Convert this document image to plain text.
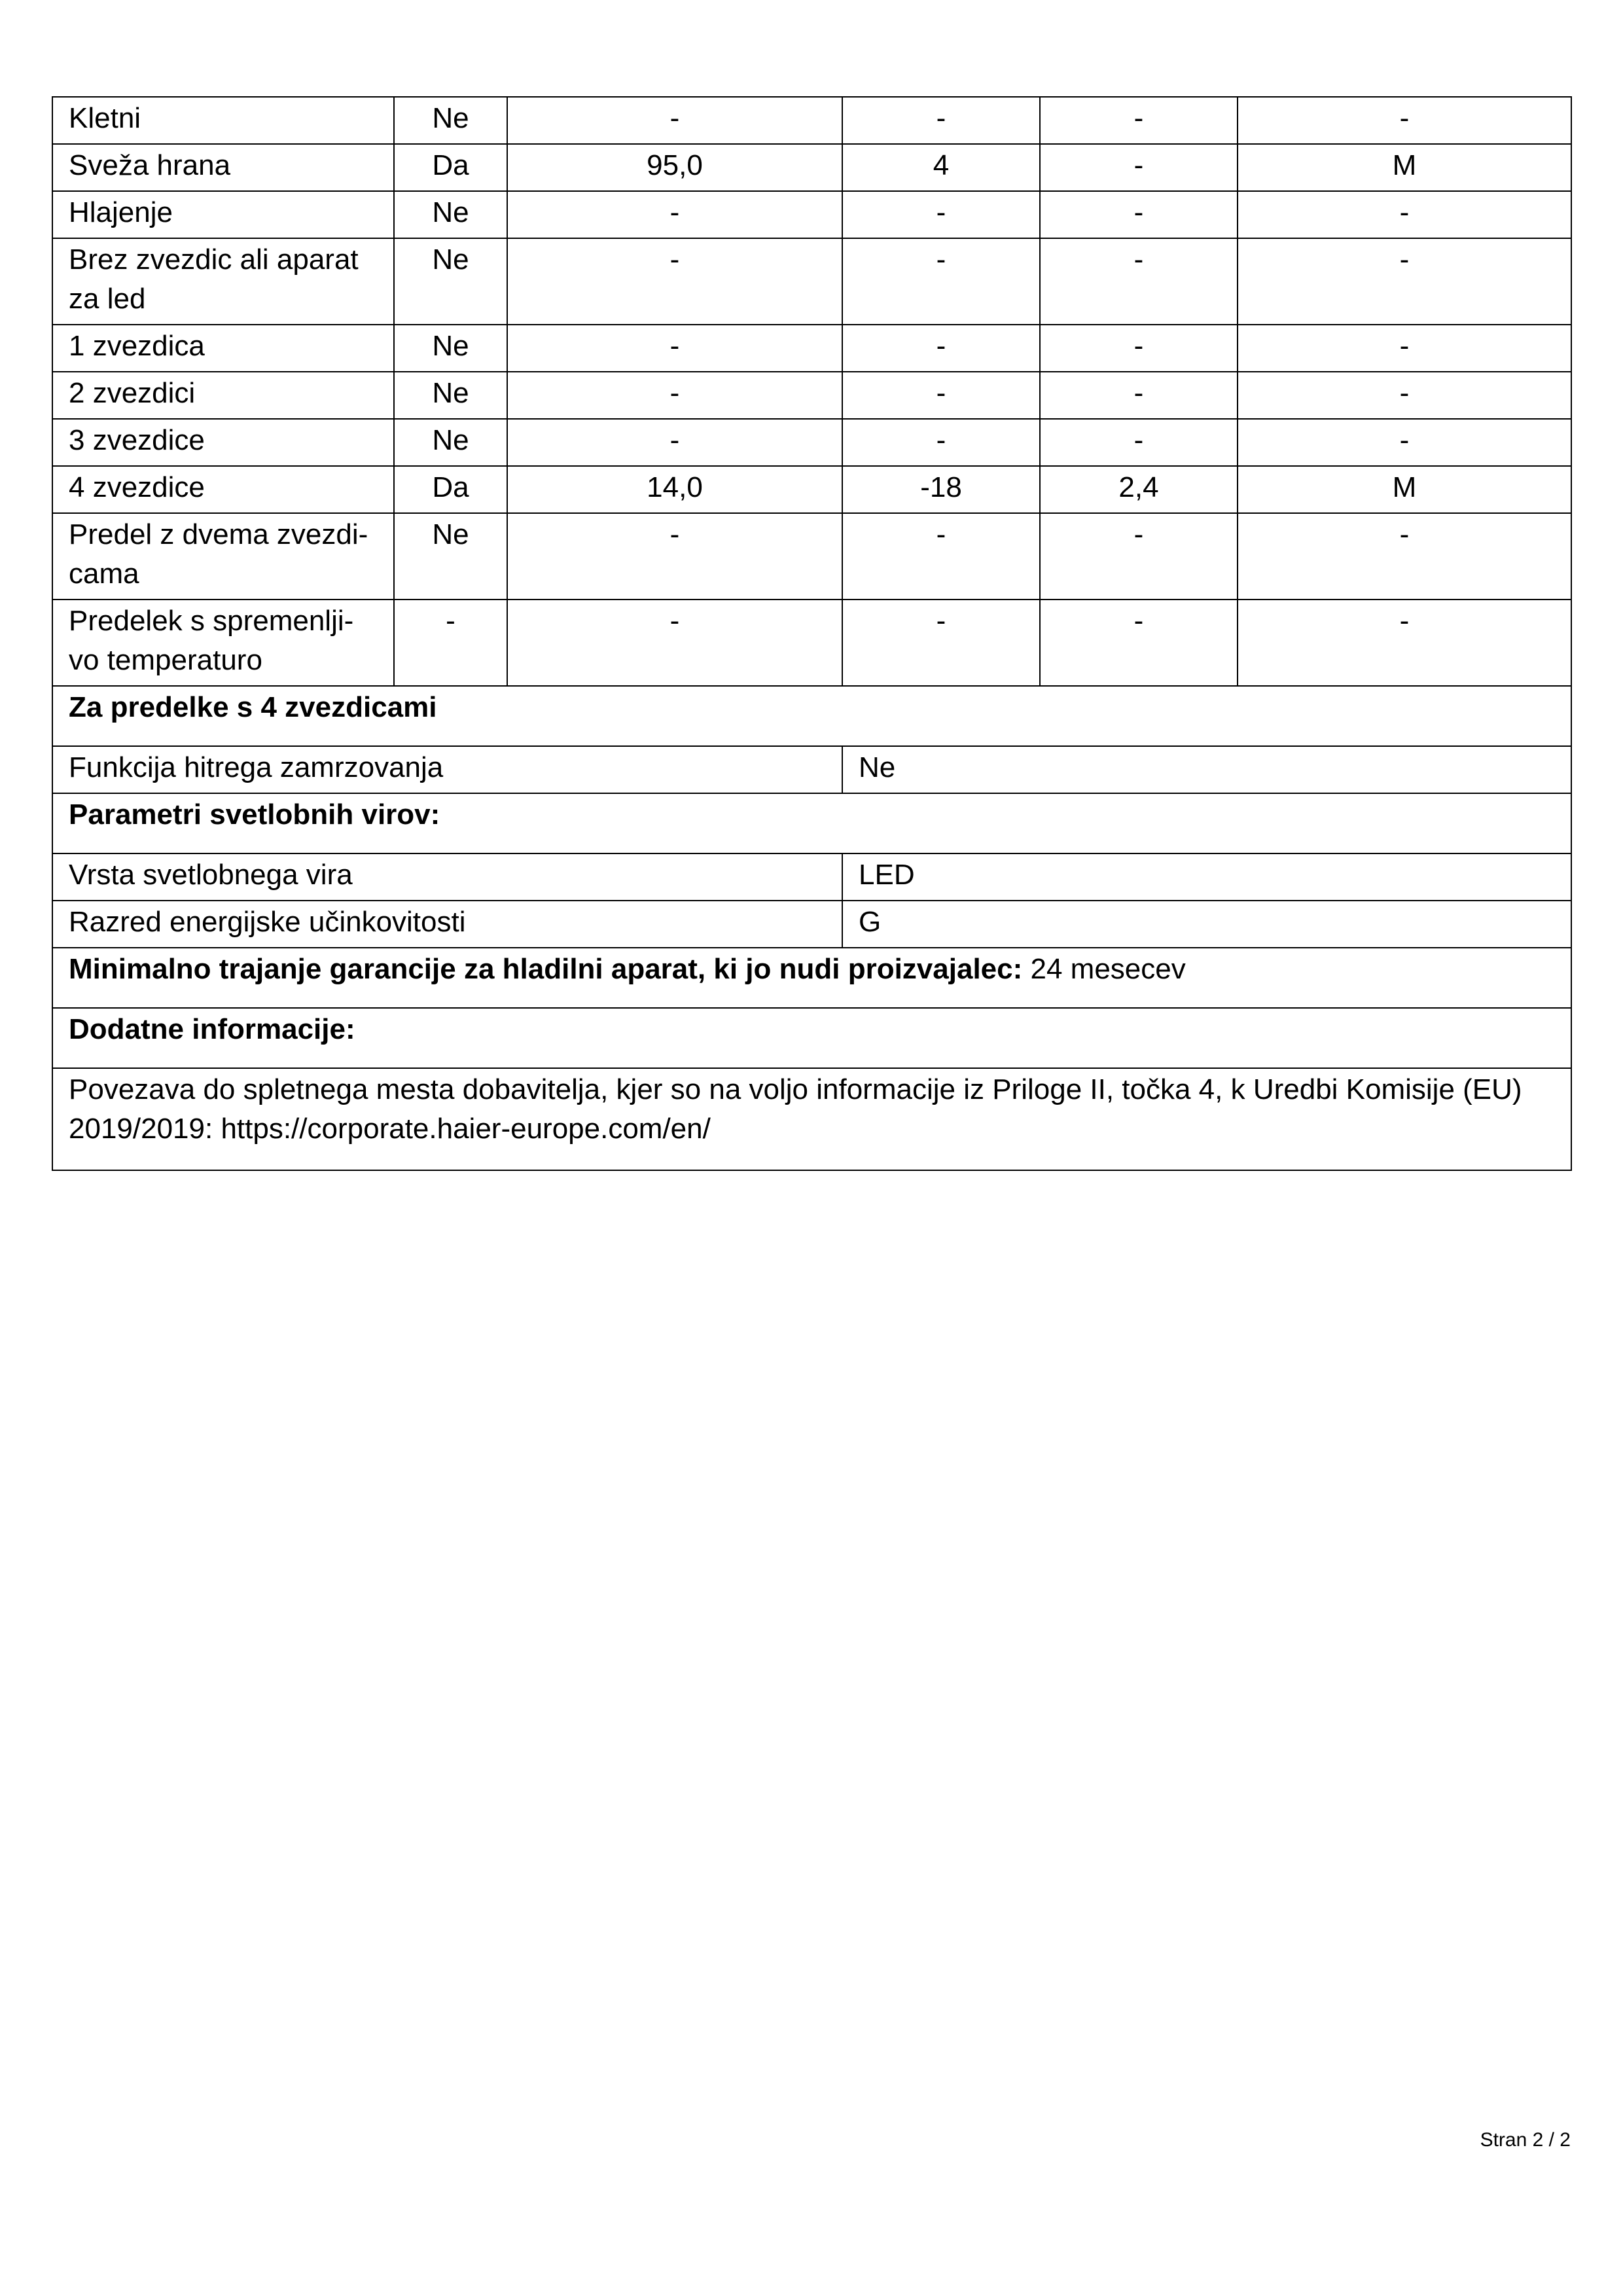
Kletni	Ne	-	-	-	-
Sveža hrana	Da	95,0	4	-	M
Hlajenje	Ne	-	-	-	-
Brez zvezdic ali aparat za led	Ne	-	-	-	-
1 zvezdica	Ne	-	-	-	-
2 zvezdici	Ne	-	-	-	-
3 zvezdice	Ne	-	-	-	-
4 zvezdice	Da	14,0	-18	2,4	M
Predel z dvema zvezdi-cama	Ne	-	-	-	-
Predelek s spremenlji-vo temperaturo	-	-	-	-	-
Za predelke s 4 zvezdicami					
Funkcija hitrega zamrzovanja			Ne		
Parametri svetlobnih virov:					
Vrsta svetlobnega vira			LED		
Razred energijske učinkovitosti			G		
Minimalno trajanje garancije za hladilni aparat, ki jo nudi proizvajalec: 24 mesecev					
Dodatne informacije:					
Povezava do spletnega mesta dobavitelja, kjer so na voljo informacije iz Priloge II, točka 4, k Uredbi Komisije (EU) 2019/2019: https://corporate.haier-europe.com/en/					
Stran 2 / 2
